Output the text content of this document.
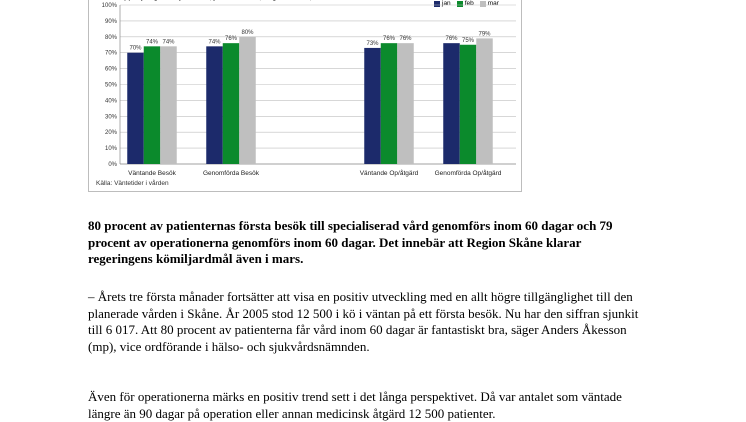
jan feb mar
0%
10%
20%
30%
40%
50%
60%
70%
80%
90%
100%
70%
74% 74%
Väntande Besök
74%
76%
80%
Genomförda Besök
73%
76% 76%
Väntande Op/åtgärd
76% 75%
79%
Genomförda Op/åtgärd
Källa: Väntetider i vården

80 procent av patienternas första besök till specialiserad vård genomförs inom 60 dagar och 79 procent av operationerna genomförs inom 60 dagar. Det innebär att Region Skåne klarar regeringens kömiljardmål även i mars.

– Årets tre första månader fortsätter att visa en positiv utveckling med en allt högre tillgänglighet till den planerade vården i Skåne. År 2005 stod 12 500 i kö i väntan på ett första besök. Nu har den siffran sjunkit till 6 017. Att 80 procent av patienterna får vård inom 60 dagar är fantastiskt bra, säger Anders Åkesson (mp), vice ordförande i hälso- och sjukvårdsnämnden.

Även för operationerna märks en positiv trend sett i det långa perspektivet. Då var antalet som väntade längre än 90 dagar på operation eller annan medicinsk åtgärd 12 500 patienter.
